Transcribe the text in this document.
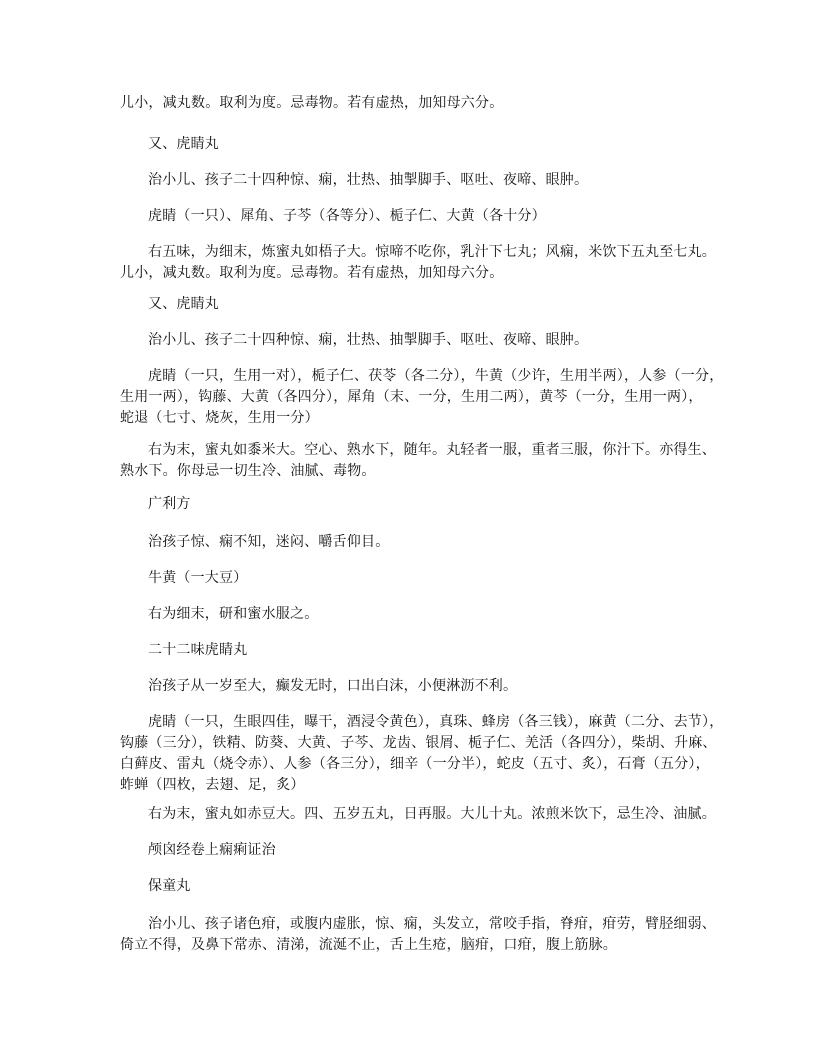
儿小，减丸数。取利为度。忌毒物。若有虚热，加知母六分。
又、虎睛丸
治小儿、孩子二十四种惊、痫，壮热、抽掣脚手、呕吐、夜啼、眼肿。
虎睛（一只）、犀角、子芩（各等分）、栀子仁、大黄（各十分）
右五味，为细末，炼蜜丸如梧子大。惊啼不吃你，乳汁下七丸；风痫，米饮下五丸至七丸。
儿小，减丸数。取利为度。忌毒物。若有虚热，加知母六分。
又、虎睛丸
治小儿、孩子二十四种惊、痫，壮热、抽掣脚手、呕吐、夜啼、眼肿。
虎睛（一只，生用一对），栀子仁、茯苓（各二分），牛黄（少许，生用半两），人参（一分，
生用一两），钩藤、大黄（各四分），犀角（末、一分，生用二两），黄芩（一分，生用一两），
蛇退（七寸、烧灰，生用一分）
右为末，蜜丸如黍米大。空心、熟水下，随年。丸轻者一服，重者三服，你汁下。亦得生、
熟水下。你母忌一切生冷、油腻、毒物。
广利方
治孩子惊、痫不知，迷闷、嚼舌仰目。
牛黄（一大豆）
右为细末，研和蜜水服之。
二十二味虎睛丸
治孩子从一岁至大，癫发无时，口出白沫，小便淋沥不利。
虎睛（一只，生眼四佳，曝干，酒浸令黄色），真珠、蜂房（各三钱），麻黄（二分、去节），
钩藤（三分），铁精、防葵、大黄、子芩、龙齿、银屑、栀子仁、羌活（各四分），柴胡、升麻、
白藓皮、雷丸（烧令赤）、人参（各三分），细辛（一分半），蛇皮（五寸、炙），石膏（五分），
蚱蝉（四枚，去翅、足，炙）
右为末，蜜丸如赤豆大。四、五岁五丸，日再服。大儿十丸。浓煎米饮下，忌生冷、油腻。
颅囟经卷上痫痢证治
保童丸
治小儿、孩子诸色疳，或腹内虚胀，惊、痫，头发立，常咬手指，脊疳，疳劳，臂胫细弱、
倚立不得，及鼻下常赤、清涕，流涎不止，舌上生疮，脑疳，口疳，腹上筋脉。
